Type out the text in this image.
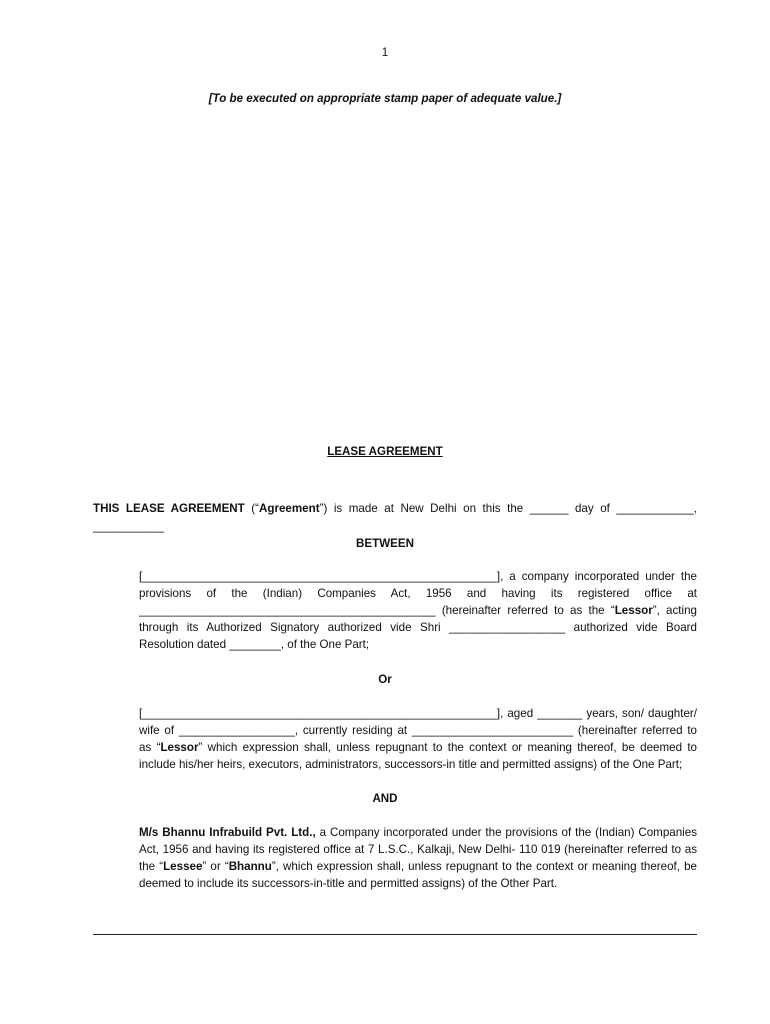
1
[To be executed on appropriate stamp paper of adequate value.]
LEASE AGREEMENT
THIS LEASE AGREEMENT (“Agreement”) is made at New Delhi on this the ______ day of ____________,
___________
BETWEEN
[_______________________________________________________], a company incorporated under the provisions of the (Indian) Companies Act, 1956 and having its registered office at ______________________________________________ (hereinafter referred to as the “Lessor”, acting through its Authorized Signatory authorized vide Shri __________________ authorized vide Board Resolution dated ________, of the One Part;
Or
[_______________________________________________________], aged _______ years, son/ daughter/ wife of __________________, currently residing at _________________________ (hereinafter referred to as “Lessor” which expression shall, unless repugnant to the context or meaning thereof, be deemed to include his/her heirs, executors, administrators, successors-in title and permitted assigns) of the One Part;
AND
M/s Bhannu Infrabuild Pvt. Ltd., a Company incorporated under the provisions of the (Indian) Companies Act, 1956 and having its registered office at 7 L.S.C., Kalkaji, New Delhi- 110 019 (hereinafter referred to as the “Lessee” or “Bhannu”, which expression shall, unless repugnant to the context or meaning thereof, be deemed to include its successors-in-title and permitted assigns) of the Other Part.
